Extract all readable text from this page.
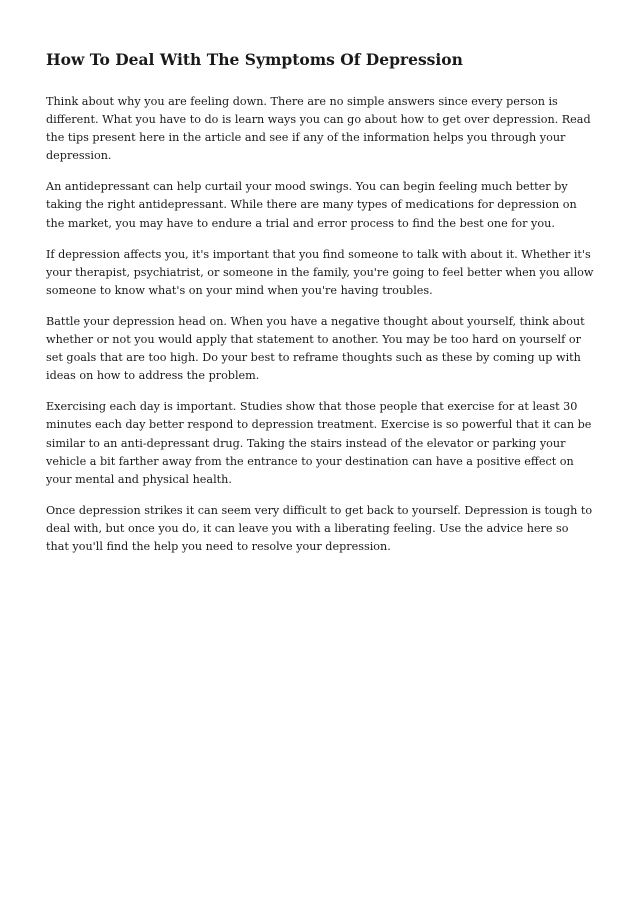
How To Deal With The Symptoms Of Depression

Think about why you are feeling down. There are no simple answers since every person is different. What you have to do is learn ways you can go about how to get over depression. Read the tips present here in the article and see if any of the information helps you through your depression.

An antidepressant can help curtail your mood swings. You can begin feeling much better by taking the right antidepressant. While there are many types of medications for depression on the market, you may have to endure a trial and error process to find the best one for you.

If depression affects you, it's important that you find someone to talk with about it. Whether it's your therapist, psychiatrist, or someone in the family, you're going to feel better when you allow someone to know what's on your mind when you're having troubles.

Battle your depression head on. When you have a negative thought about yourself, think about whether or not you would apply that statement to another. You may be too hard on yourself or set goals that are too high. Do your best to reframe thoughts such as these by coming up with ideas on how to address the problem.

Exercising each day is important. Studies show that those people that exercise for at least 30 minutes each day better respond to depression treatment. Exercise is so powerful that it can be similar to an anti-depressant drug. Taking the stairs instead of the elevator or parking your vehicle a bit farther away from the entrance to your destination can have a positive effect on your mental and physical health.

Once depression strikes it can seem very difficult to get back to yourself. Depression is tough to deal with, but once you do, it can leave you with a liberating feeling. Use the advice here so that you'll find the help you need to resolve your depression.
